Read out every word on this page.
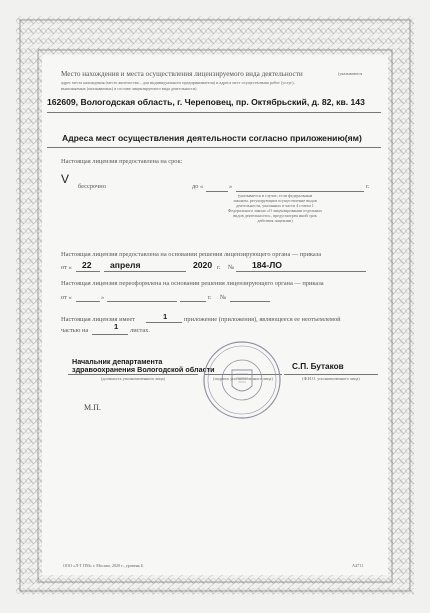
Место нахождения и места осуществления лицензируемого вида деятельности	(указываются
адрес места нахождения (место жительства – для индивидуального предпринимателя) и адреса мест осуществления работ (услуг),
выполняемых (оказываемых) в составе лицензируемого вида деятельности)
162609, Вологодская область, г. Череповец, пр. Октябрьский, д. 82, кв. 143
Адреса мест осуществления деятельности согласно приложению(ям)
Настоящая лицензия предоставлена на срок:
V
бессрочно	до «	»	г.
(указывается в случае, если федеральным
законом, регулирующим осуществление видов
деятельности, указанных в части 4 статьи 1
Федерального закона «О лицензировании отдельных
видов деятельности», предусмотрен иной срок
действия лицензии)
Настоящая лицензия предоставлена на основании решения лицензирующего органа — приказа
от « 22 апреля	2020 г. № 184-ЛО
Настоящая лицензия переоформлена на основании решения лицензирующего органа — приказа
от «	»	г. №
Настоящая лицензия имеет	1	приложение (приложения), являющееся ее неотъемлемой
частью на	1 листах.
Начальник департамента
здравоохранения Вологодской области
(должность уполномоченного лица)	(подпись уполномоченного лица)
С.П. Бутаков
(Ф.И.О. уполномоченного лица)
М.П.
ООО «Л-Т ПМ» г. Москва, 2020 г., уровень Б	А4711
